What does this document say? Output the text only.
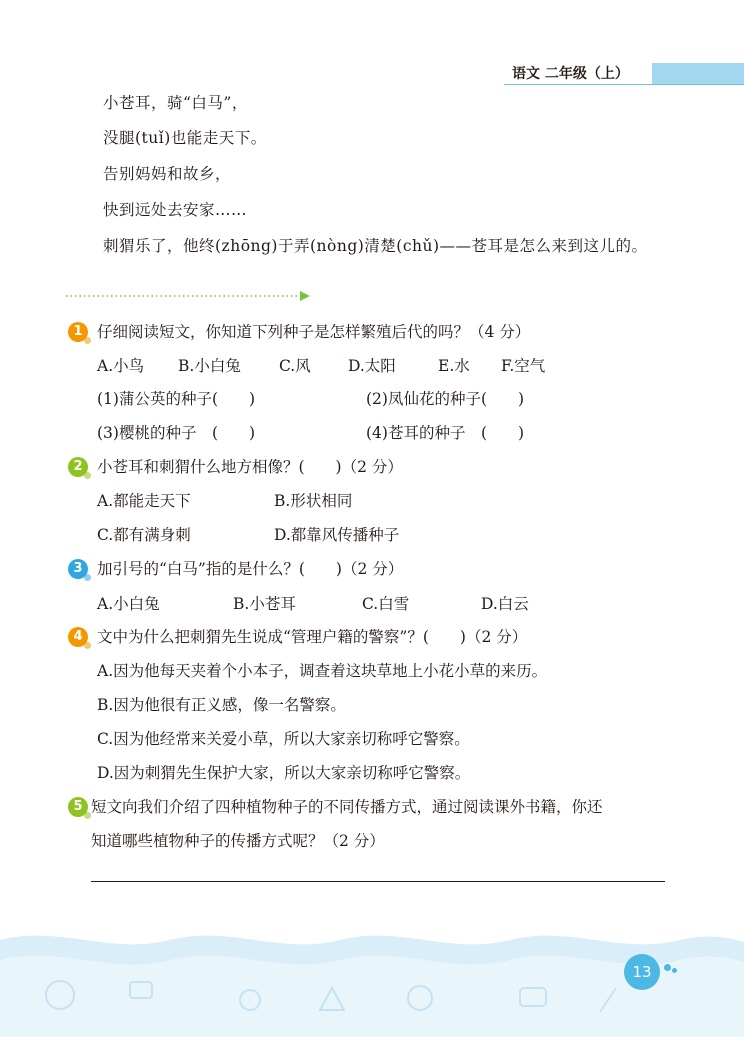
语文 二年级（上）
小苍耳，骑“白马”，
没腿(tuǐ)也能走天下。
告别妈妈和故乡，
快到远处去安家……
刺猬乐了，他终(zhōng)于弄(nòng)清楚(chǔ)——苍耳是怎么来到这儿的。
1 仔细阅读短文，你知道下列种子是怎样繁殖后代的吗？（4 分）
A.小鸟 B.小白兔 C.风 D.太阳	E.水 F.空气
(1)蒲公英的种子(　　)	(2)凤仙花的种子(　　)
(3)樱桃的种子　(　　)	(4)苍耳的种子　(　　)
2 小苍耳和刺猬什么地方相像？(　　)（2 分）
A.都能走天下	B.形状相同
C.都有满身刺	D.都靠风传播种子
3 加引号的“白马”指的是什么？(　　)（2 分）
A.小白兔	B.小苍耳	C.白雪	D.白云
4 文中为什么把刺猬先生说成“管理户籍的警察”？(　　)（2 分）
A.因为他每天夹着个小本子，调查着这块草地上小花小草的来历。
B.因为他很有正义感，像一名警察。
C.因为他经常来关爱小草，所以大家亲切称呼它警察。
D.因为刺猬先生保护大家，所以大家亲切称呼它警察。
5 短文向我们介绍了四种植物种子的不同传播方式，通过阅读课外书籍，你还
知道哪些植物种子的传播方式呢？（2 分）
13
